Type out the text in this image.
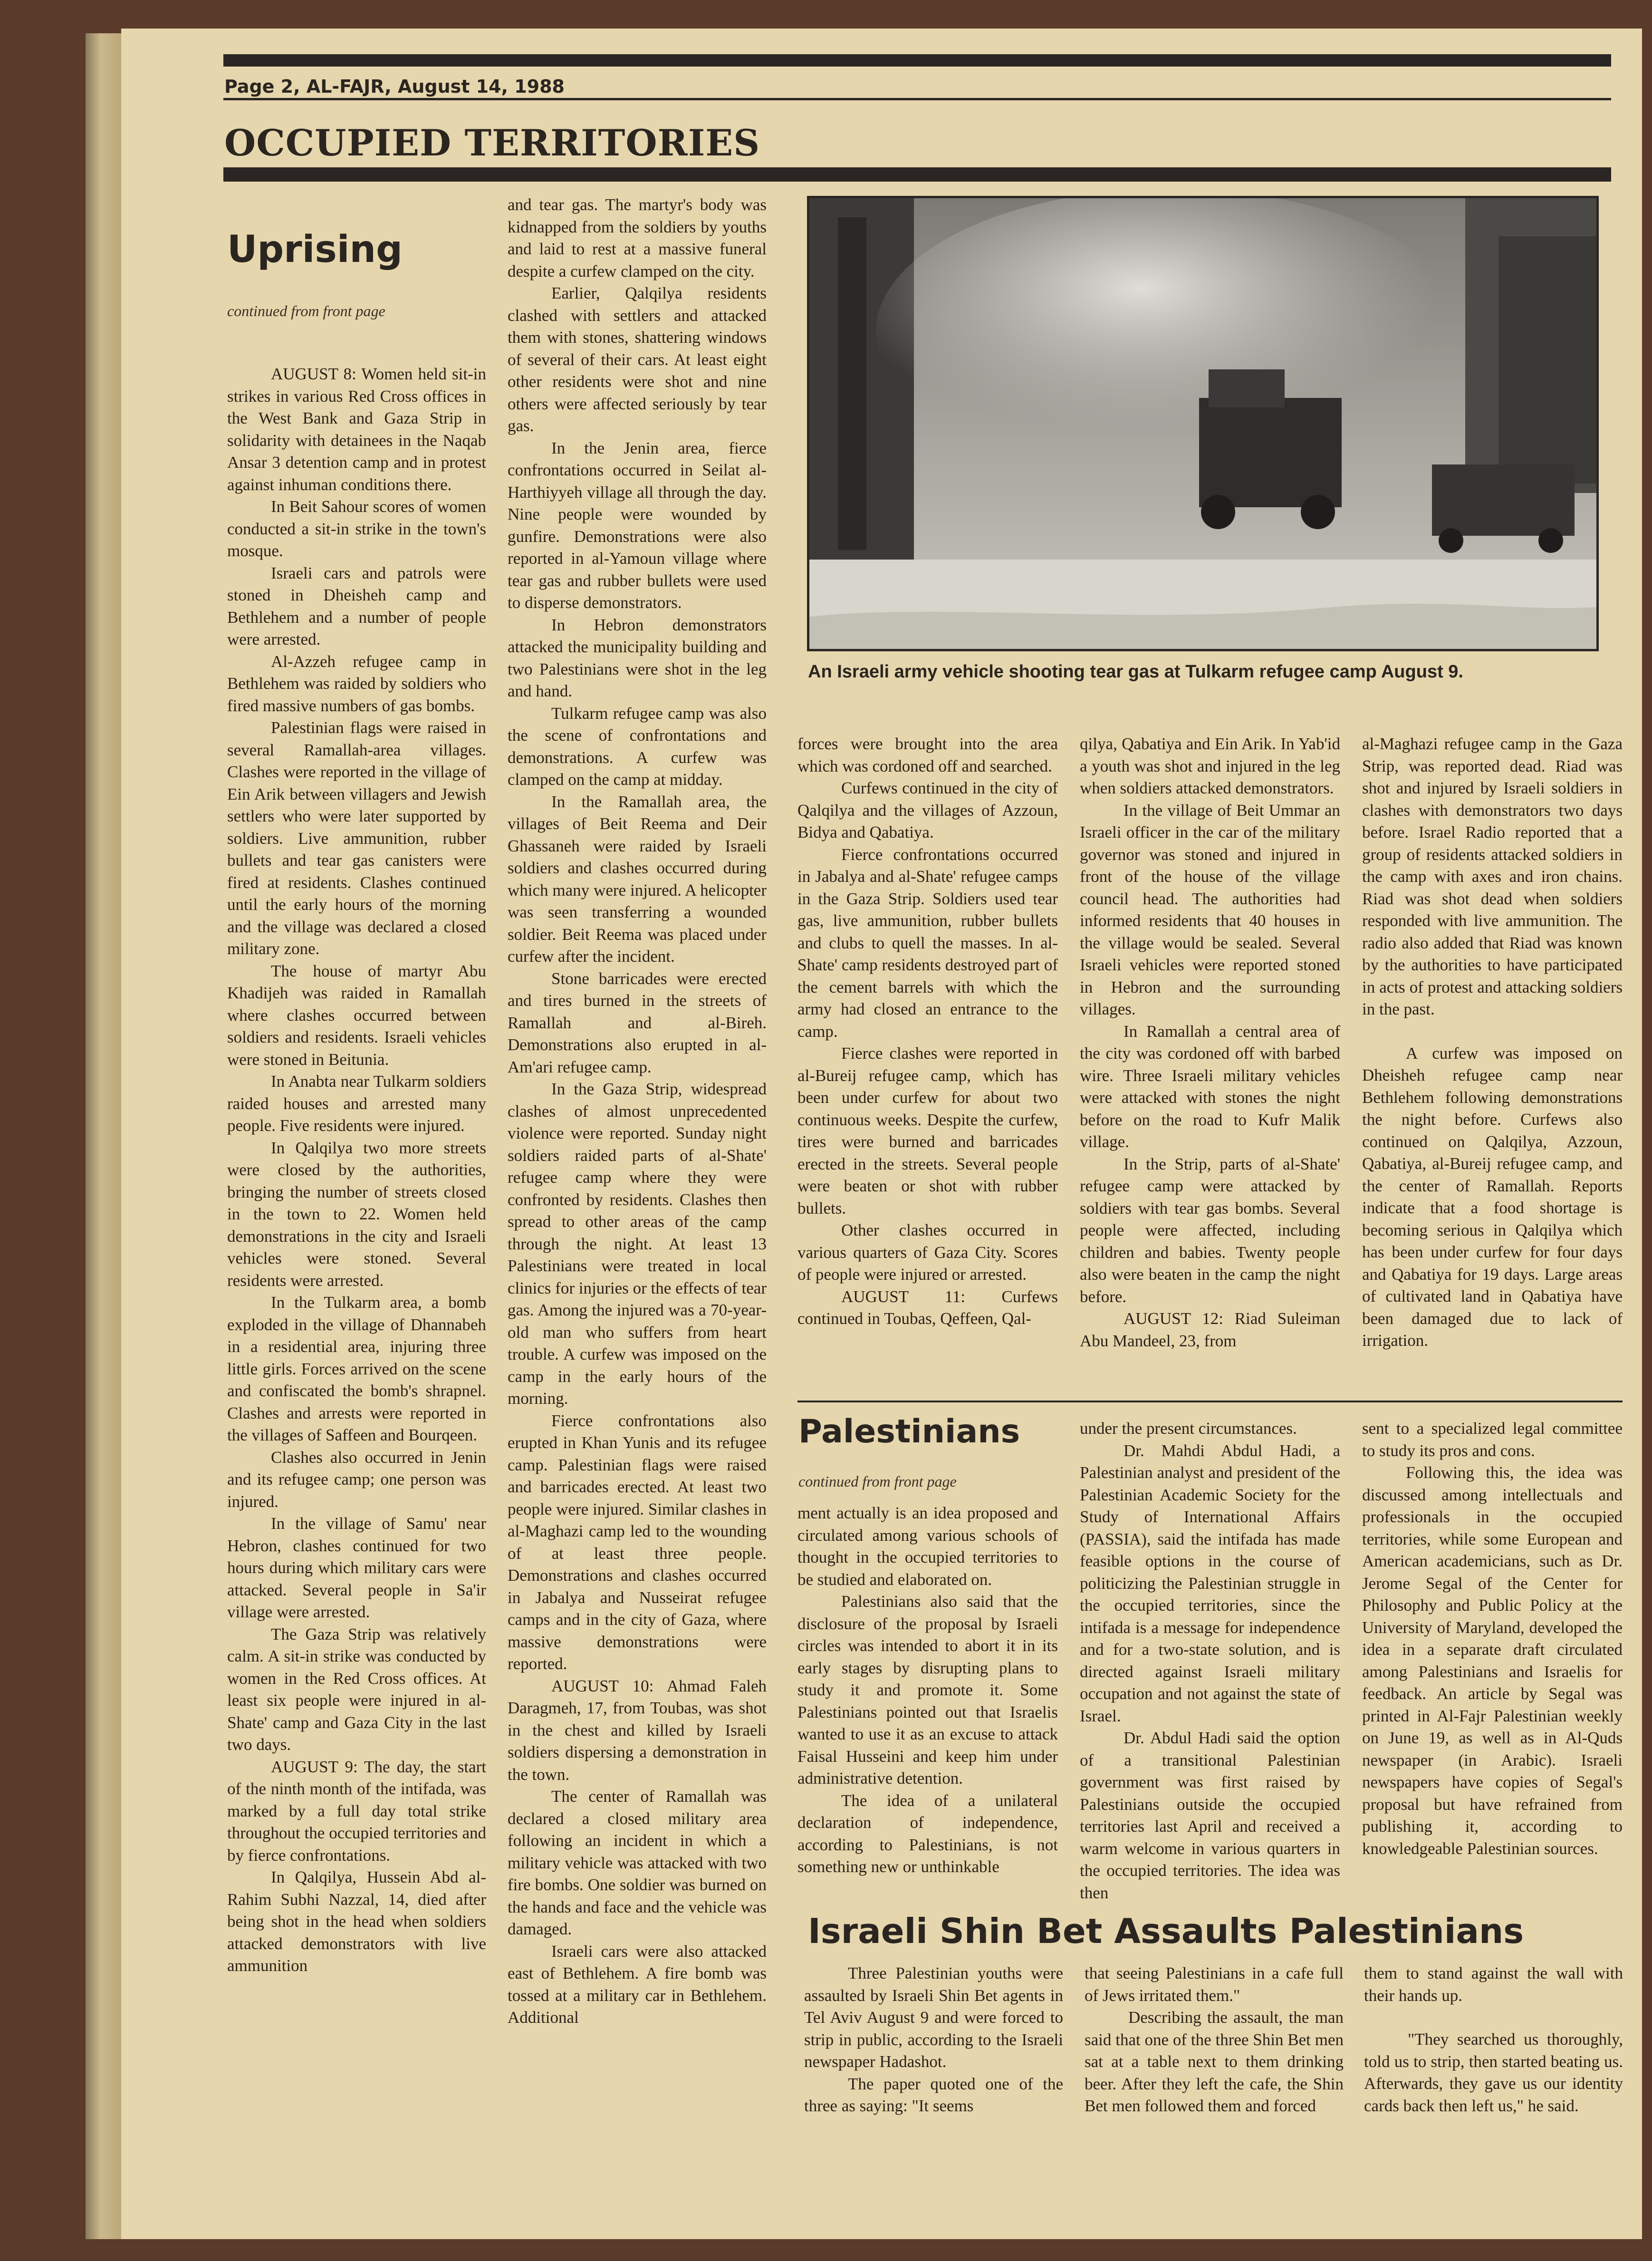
Page 2, AL-FAJR, August 14, 1988
OCCUPIED TERRITORIES
Uprising
continued from front page

AUGUST 8: Women held sit-in strikes in various Red Cross offices in the West Bank and Gaza Strip in solidarity with detainees in the Naqab Ansar 3 detention camp and in protest against inhuman conditions there.

In Beit Sahour scores of women conducted a sit-in strike in the town's mosque.

Israeli cars and patrols were stoned in Dheisheh camp and Bethlehem and a number of people were arrested.

Al-Azzeh refugee camp in Bethlehem was raided by soldiers who fired massive numbers of gas bombs.

Palestinian flags were raised in several Ramallah-area villages. Clashes were reported in the village of Ein Arik between villagers and Jewish settlers who were later supported by soldiers. Live ammunition, rubber bullets and tear gas canisters were fired at residents. Clashes continued until the early hours of the morning and the village was declared a closed military zone.

The house of martyr Abu Khadijeh was raided in Ramallah where clashes occurred between soldiers and residents. Israeli vehicles were stoned in Beitunia.

In Anabta near Tulkarm soldiers raided houses and arrested many people. Five residents were injured.

In Qalqilya two more streets were closed by the authorities, bringing the number of streets closed in the town to 22. Women held demonstrations in the city and Israeli vehicles were stoned. Several residents were arrested.

In the Tulkarm area, a bomb exploded in the village of Dhannabeh in a residential area, injuring three little girls. Forces arrived on the scene and confiscated the bomb's shrapnel. Clashes and arrests were reported in the villages of Saffeen and Bourqeen.

Clashes also occurred in Jenin and its refugee camp; one person was injured.

In the village of Samu' near Hebron, clashes continued for two hours during which military cars were attacked. Several people in Sa'ir village were arrested.

The Gaza Strip was relatively calm. A sit-in strike was conducted by women in the Red Cross offices. At least six people were injured in al-Shate' camp and Gaza City in the last two days.

AUGUST 9: The day, the start of the ninth month of the intifada, was marked by a full day total strike throughout the occupied territories and by fierce confrontations.

In Qalqilya, Hussein Abd al-Rahim Subhi Nazzal, 14, died after being shot in the head when soldiers attacked demonstrators with live ammunition

and tear gas. The martyr's body was kidnapped from the soldiers by youths and laid to rest at a massive funeral despite a curfew clamped on the city.

Earlier, Qalqilya residents clashed with settlers and attacked them with stones, shattering windows of several of their cars. At least eight other residents were shot and nine others were affected seriously by tear gas.

In the Jenin area, fierce confrontations occurred in Seilat al-Harthiyyeh village all through the day. Nine people were wounded by gunfire. Demonstrations were also reported in al-Yamoun village where tear gas and rubber bullets were used to disperse demonstrators.

In Hebron demonstrators attacked the municipality building and two Palestinians were shot in the leg and hand.

Tulkarm refugee camp was also the scene of confrontations and demonstrations. A curfew was clamped on the camp at midday.

In the Ramallah area, the villages of Beit Reema and Deir Ghassaneh were raided by Israeli soldiers and clashes occurred during which many were injured. A helicopter was seen transferring a wounded soldier. Beit Reema was placed under curfew after the incident.

Stone barricades were erected and tires burned in the streets of Ramallah and al-Bireh. Demonstrations also erupted in al-Am'ari refugee camp.

In the Gaza Strip, widespread clashes of almost unprecedented violence were reported. Sunday night soldiers raided parts of al-Shate' refugee camp where they were confronted by residents. Clashes then spread to other areas of the camp through the night. At least 13 Palestinians were treated in local clinics for injuries or the effects of tear gas. Among the injured was a 70-year-old man who suffers from heart trouble. A curfew was imposed on the camp in the early hours of the morning.

Fierce confrontations also erupted in Khan Yunis and its refugee camp. Palestinian flags were raised and barricades erected. At least two people were injured. Similar clashes in al-Maghazi camp led to the wounding of at least three people. Demonstrations and clashes occurred in Jabalya and Nusseirat refugee camps and in the city of Gaza, where massive demonstrations were reported.

AUGUST 10: Ahmad Faleh Daragmeh, 17, from Toubas, was shot in the chest and killed by Israeli soldiers dispersing a demonstration in the town.

The center of Ramallah was declared a closed military area following an incident in which a military vehicle was attacked with two fire bombs. One soldier was burned on the hands and face and the vehicle was damaged.

Israeli cars were also attacked east of Bethlehem. A fire bomb was tossed at a military car in Bethlehem. Additional

An Israeli army vehicle shooting tear gas at Tulkarm refugee camp August 9.

forces were brought into the area which was cordoned off and searched.

Curfews continued in the city of Qalqilya and the villages of Azzoun, Bidya and Qabatiya.

Fierce confrontations occurred in Jabalya and al-Shate' refugee camps in the Gaza Strip. Soldiers used tear gas, live ammunition, rubber bullets and clubs to quell the masses. In al-Shate' camp residents destroyed part of the cement barrels with which the army had closed an entrance to the camp.

Fierce clashes were reported in al-Bureij refugee camp, which has been under curfew for about two continuous weeks. Despite the curfew, tires were burned and barricades erected in the streets. Several people were beaten or shot with rubber bullets.

Other clashes occurred in various quarters of Gaza City. Scores of people were injured or arrested.

AUGUST 11: Curfews continued in Toubas, Qeffeen, Qal-

qilya, Qabatiya and Ein Arik. In Yab'id a youth was shot and injured in the leg when soldiers attacked demonstrators.

In the village of Beit Ummar an Israeli officer in the car of the military governor was stoned and injured in front of the house of the village council head. The authorities had informed residents that 40 houses in the village would be sealed. Several Israeli vehicles were reported stoned in Hebron and the surrounding villages.

In Ramallah a central area of the city was cordoned off with barbed wire. Three Israeli military vehicles were attacked with stones the night before on the road to Kufr Malik village.

In the Strip, parts of al-Shate' refugee camp were attacked by soldiers with tear gas bombs. Several people were affected, including children and babies. Twenty people also were beaten in the camp the night before.

AUGUST 12: Riad Suleiman Abu Mandeel, 23, from

al-Maghazi refugee camp in the Gaza Strip, was reported dead. Riad was shot and injured by Israeli soldiers in clashes with demonstrators two days before. Israel Radio reported that a group of residents attacked soldiers in the camp with axes and iron chains. Riad was shot dead when soldiers responded with live ammunition. The radio also added that Riad was known by the authorities to have participated in acts of protest and attacking soldiers in the past.

A curfew was imposed on Dheisheh refugee camp near Bethlehem following demonstrations the night before. Curfews also continued on Qalqilya, Azzoun, Qabatiya, al-Bureij refugee camp, and the center of Ramallah. Reports indicate that a food shortage is becoming serious in Qalqilya which has been under curfew for four days and Qabatiya for 19 days. Large areas of cultivated land in Qabatiya have been damaged due to lack of irrigation.

Palestinians
continued from front page

ment actually is an idea proposed and circulated among various schools of thought in the occupied territories to be studied and elaborated on.

Palestinians also said that the disclosure of the proposal by Israeli circles was intended to abort it in its early stages by disrupting plans to study it and promote it. Some Palestinians pointed out that Israelis wanted to use it as an excuse to attack Faisal Husseini and keep him under administrative detention.

The idea of a unilateral declaration of independence, according to Palestinians, is not something new or unthinkable

under the present circumstances.

Dr. Mahdi Abdul Hadi, a Palestinian analyst and president of the Palestinian Academic Society for the Study of International Affairs (PASSIA), said the intifada has made feasible options in the course of politicizing the Palestinian struggle in the occupied territories, since the intifada is a message for independence and for a two-state solution, and is directed against Israeli military occupation and not against the state of Israel.

Dr. Abdul Hadi said the option of a transitional Palestinian government was first raised by Palestinians outside the occupied territories last April and received a warm welcome in various quarters in the occupied territories. The idea was then

sent to a specialized legal committee to study its pros and cons.

Following this, the idea was discussed among intellectuals and professionals in the occupied territories, while some European and American academicians, such as Dr. Jerome Segal of the Center for Philosophy and Public Policy at the University of Maryland, developed the idea in a separate draft circulated among Palestinians and Israelis for feedback. An article by Segal was printed in Al-Fajr Palestinian weekly on June 19, as well as in Al-Quds newspaper (in Arabic). Israeli newspapers have copies of Segal's proposal but have refrained from publishing it, according to knowledgeable Palestinian sources.

Israeli Shin Bet Assaults Palestinians

Three Palestinian youths were assaulted by Israeli Shin Bet agents in Tel Aviv August 9 and were forced to strip in public, according to the Israeli newspaper Hadashot.

The paper quoted one of the three as saying: "It seems

that seeing Palestinians in a cafe full of Jews irritated them."

Describing the assault, the man said that one of the three Shin Bet men sat at a table next to them drinking beer. After they left the cafe, the Shin Bet men followed them and forced

them to stand against the wall with their hands up.

"They searched us thoroughly, told us to strip, then started beating us. Afterwards, they gave us our identity cards back then left us," he said.
